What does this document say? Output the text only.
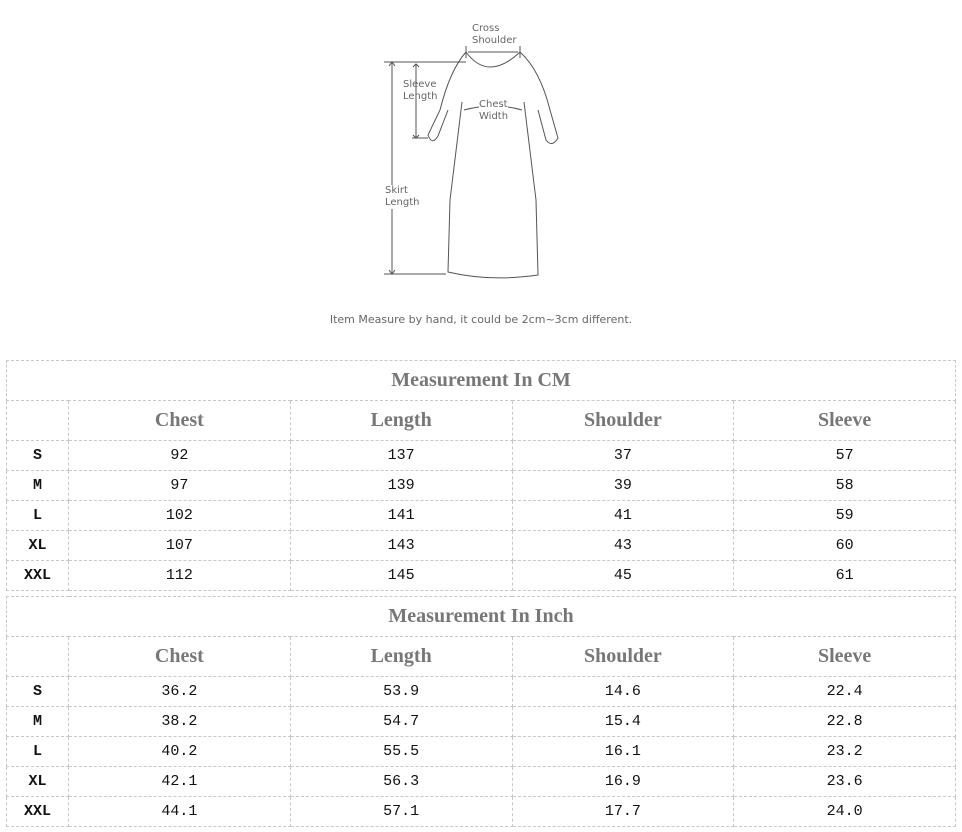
Cross
Shoulder
Sleeve
Length
Chest
Width
Skirt
Length
Item Measure by hand, it could be 2cm~3cm different.
Measurement In CM				
	Chest	Length	Shoulder	Sleeve
S	92	137	37	57
M	97	139	39	58
L	102	141	41	59
XL	107	143	43	60
XXL	112	145	45	61
Measurement In Inch				
	Chest	Length	Shoulder	Sleeve
S	36.2	53.9	14.6	22.4
M	38.2	54.7	15.4	22.8
L	40.2	55.5	16.1	23.2
XL	42.1	56.3	16.9	23.6
XXL	44.1	57.1	17.7	24.0
